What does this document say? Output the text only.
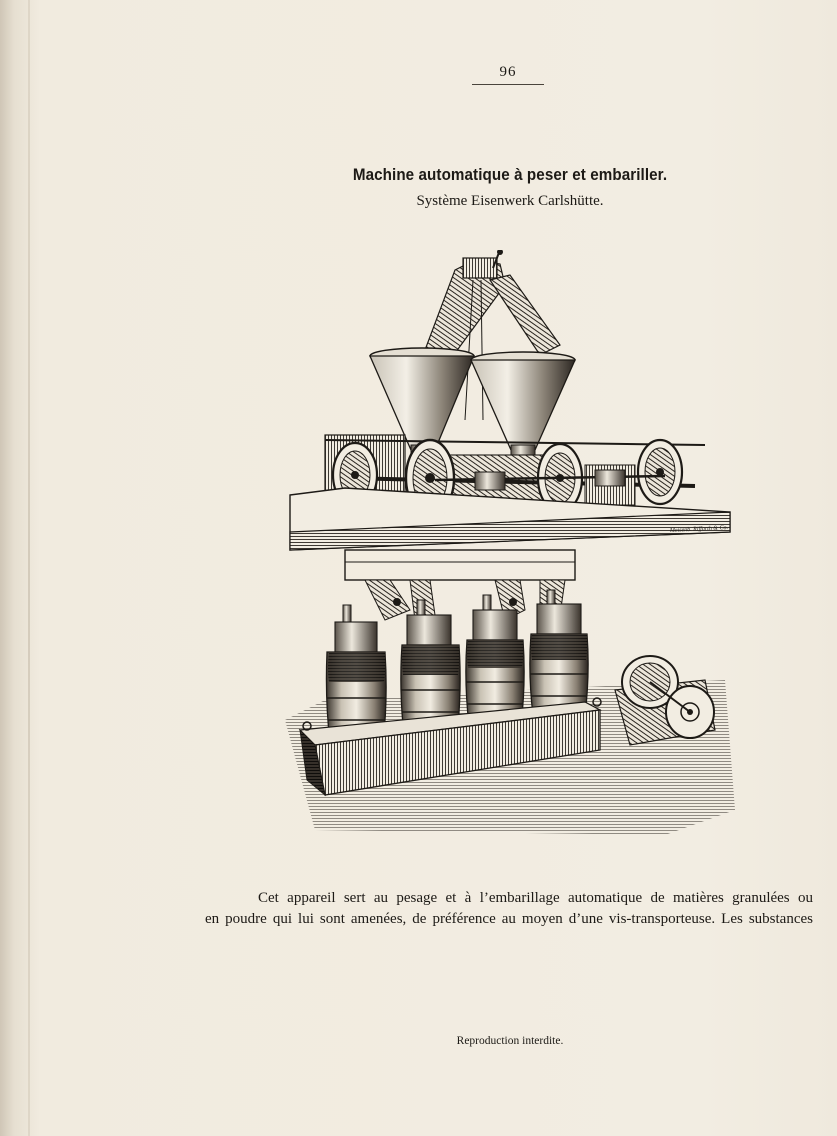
96
Machine automatique à peser et embariller.
Système Eisenwerk Carlshütte.
Meisenb. Riffarth & Co.
Cet appareil sert au pesage et à l’embarillage automatique de matières granulées ou
en poudre qui lui sont amenées, de préférence au moyen d’une vis-transporteuse. Les substances
Reproduction interdite.
